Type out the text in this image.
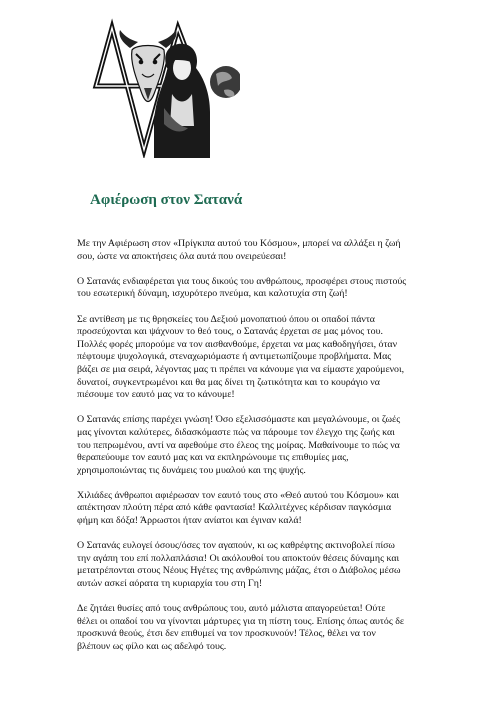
Αφιέρωση στον Σατανά

Με την Αφιέρωση στον «Πρίγκιπα αυτού του Κόσμου», μπορεί να αλλάξει η ζωή σου, ώστε να αποκτήσεις όλα αυτά που ονειρεύεσαι!

Ο Σατανάς ενδιαφέρεται για τους δικούς του ανθρώπους, προσφέρει στους πιστούς του εσωτερική δύναμη, ισχυρότερο πνεύμα, και καλοτυχία στη ζωή!

Σε αντίθεση με τις θρησκείες του Δεξιού μονοπατιού όπου οι οπαδοί πάντα προσεύχονται και ψάχνουν το θεό τους, ο Σατανάς έρχεται σε μας μόνος του. Πολλές φορές μπορούμε να τον αισθανθούμε, έρχεται να μας καθοδηγήσει, όταν πέφτουμε ψυχολογικά, στεναχωριόμαστε ή αντιμετωπίζουμε προβλήματα. Μας βάζει σε μια σειρά, λέγοντας μας τι πρέπει να κάνουμε για να είμαστε χαρούμενοι, δυνατοί, συγκεντρωμένοι και θα μας δίνει τη ζωτικότητα και το κουράγιο να πιέσουμε τον εαυτό μας να το κάνουμε!

Ο Σατανάς επίσης παρέχει γνώση! Όσο εξελισσόμαστε και μεγαλώνουμε, οι ζωές μας γίνονται καλύτερες, διδασκόμαστε πώς να πάρουμε τον έλεγχο της ζωής και του πεπρωμένου, αντί να αφεθούμε στο έλεος της μοίρας. Μαθαίνουμε το πώς να θεραπεύουμε τον εαυτό μας και να εκπληρώνουμε τις επιθυμίες μας, χρησιμοποιώντας τις δυνάμεις του μυαλού και της ψυχής.

Χιλιάδες άνθρωποι αφιέρωσαν τον εαυτό τους στο «Θεό αυτού του Κόσμου» και απέκτησαν πλούτη πέρα από κάθε φαντασία! Καλλιτέχνες κέρδισαν παγκόσμια φήμη και δόξα! Άρρωστοι ήταν ανίατοι και έγιναν καλά!

Ο Σατανάς ευλογεί όσους/όσες τον αγαπούν, κι ως καθρέφτης ακτινοβολεί πίσω την αγάπη του επί πολλαπλάσια! Οι ακόλουθοί του αποκτούν θέσεις δύναμης και μετατρέπονται στους Νέους Ηγέτες της ανθρώπινης μάζας, έτσι ο Διάβολος μέσω αυτών ασκεί αόρατα τη κυριαρχία του στη Γη!

Δε ζητάει θυσίες από τους ανθρώπους του, αυτό μάλιστα απαγορεύεται! Ούτε θέλει οι οπαδοί του να γίνονται μάρτυρες για τη πίστη τους. Επίσης όπως αυτός δε προσκυνά θεούς, έτσι δεν επιθυμεί να τον προσκυνούν! Τέλος, θέλει να τον βλέπουν ως φίλο και ως αδελφό τους.
